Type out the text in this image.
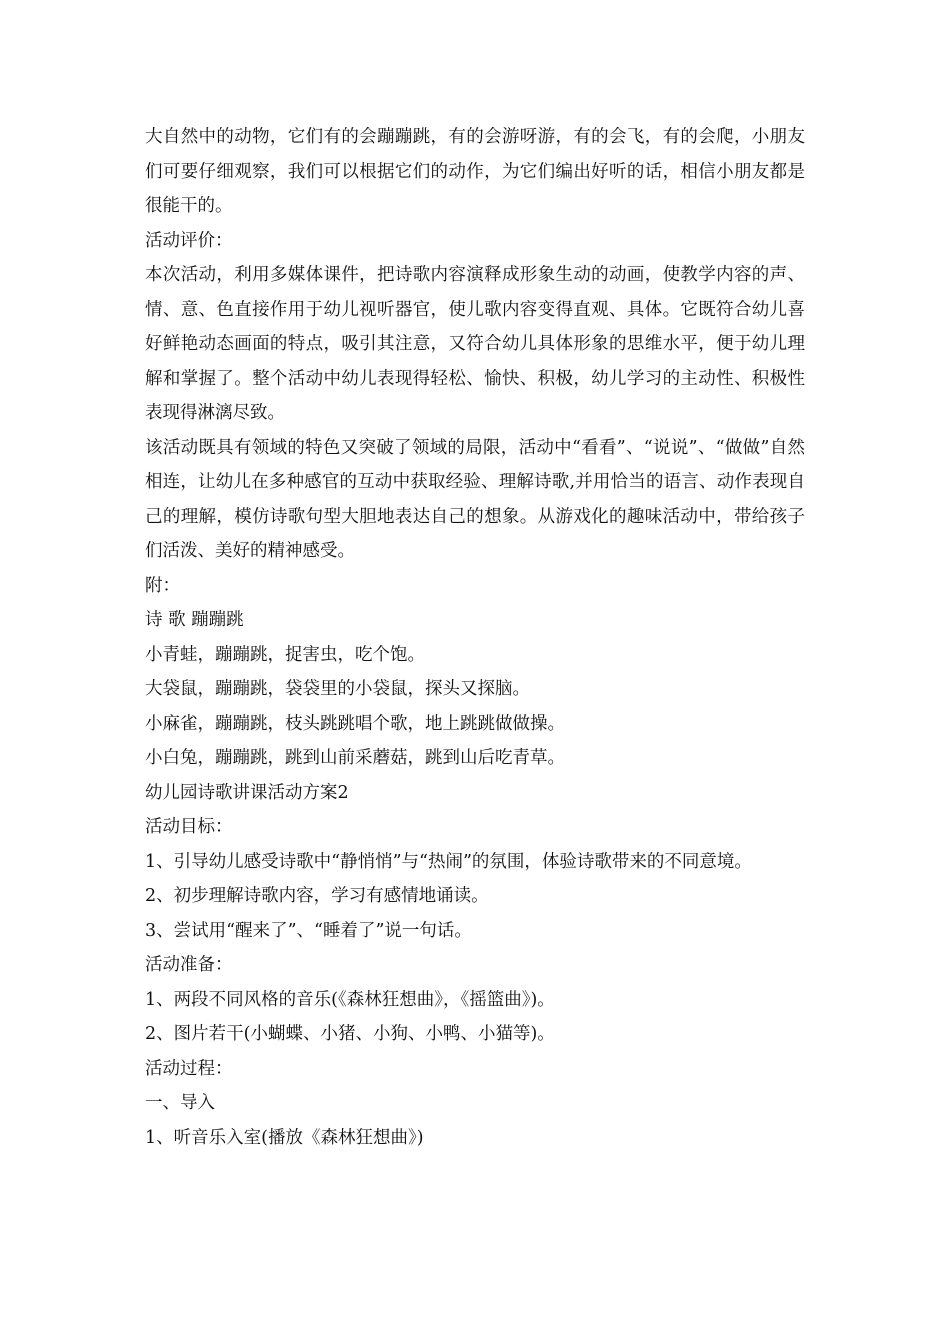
大自然中的动物，它们有的会蹦蹦跳，有的会游呀游，有的会飞，有的会爬，小朋友们可要仔细观察，我们可以根据它们的动作，为它们编出好听的话，相信小朋友都是很能干的。

活动评价：

本次活动，利用多媒体课件，把诗歌内容演释成形象生动的动画，使教学内容的声、情、意、色直接作用于幼儿视听器官，使儿歌内容变得直观、具体。它既符合幼儿喜好鲜艳动态画面的特点，吸引其注意，又符合幼儿具体形象的思维水平，便于幼儿理解和掌握了。整个活动中幼儿表现得轻松、愉快、积极，幼儿学习的主动性、积极性表现得淋漓尽致。

该活动既具有领域的特色又突破了领域的局限，活动中“看看”、“说说”、“做做”自然相连，让幼儿在多种感官的互动中获取经验、理解诗歌,并用恰当的语言、动作表现自己的理解，模仿诗歌句型大胆地表达自己的想象。从游戏化的趣味活动中，带给孩子们活泼、美好的精神感受。

附：

诗 歌 蹦蹦跳

小青蛙，蹦蹦跳，捉害虫，吃个饱。

大袋鼠，蹦蹦跳，袋袋里的小袋鼠，探头又探脑。

小麻雀，蹦蹦跳，枝头跳跳唱个歌，地上跳跳做做操。

小白兔，蹦蹦跳，跳到山前采蘑菇，跳到山后吃青草。

幼儿园诗歌讲课活动方案2

活动目标：

1、引导幼儿感受诗歌中“静悄悄”与“热闹”的氛围，体验诗歌带来的不同意境。

2、初步理解诗歌内容，学习有感情地诵读。

3、尝试用“醒来了”、“睡着了”说一句话。

活动准备：

1、两段不同风格的音乐(《森林狂想曲》，《摇篮曲》)。

2、图片若干(小蝴蝶、小猪、小狗、小鸭、小猫等)。

活动过程：

一、导入

1、听音乐入室(播放《森林狂想曲》)
